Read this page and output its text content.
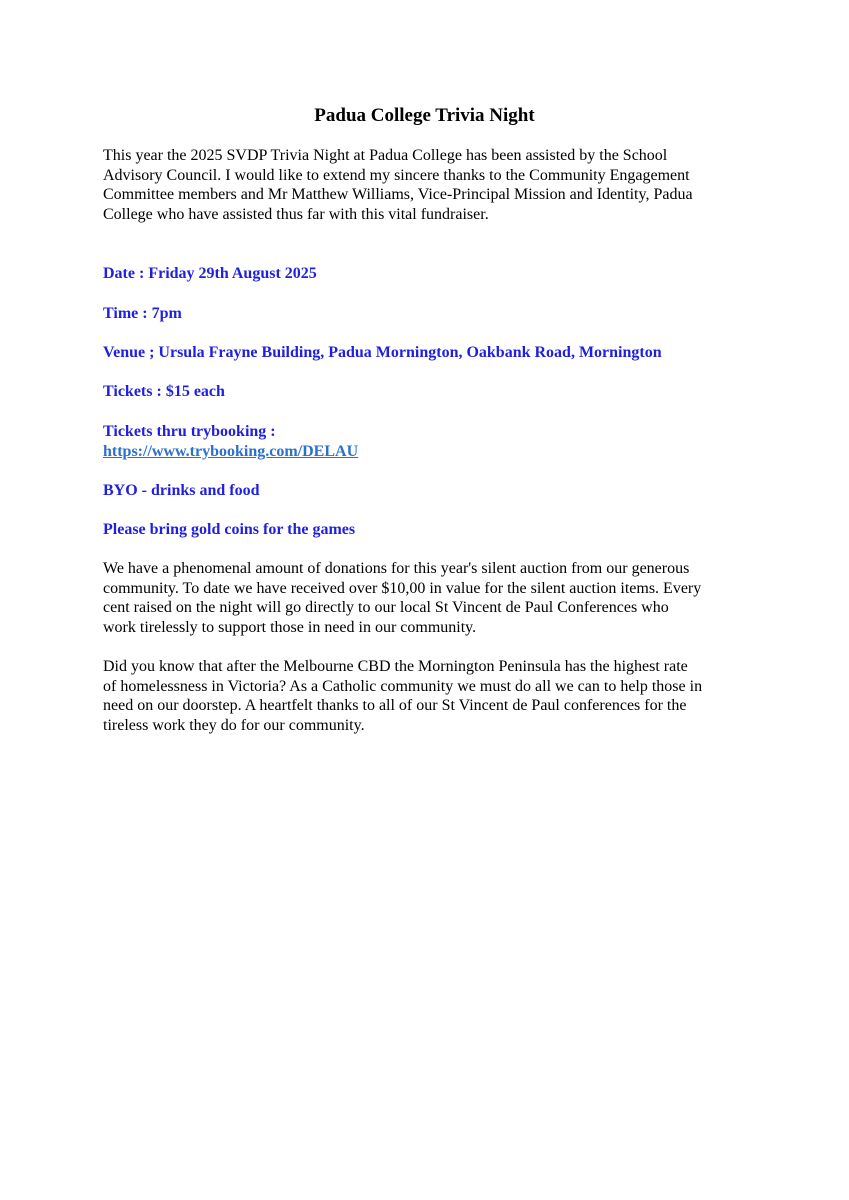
Padua College Trivia Night

This year the 2025 SVDP Trivia Night at Padua College has been assisted by the School
Advisory Council. I would like to extend my sincere thanks to the Community Engagement
Committee members and Mr Matthew Williams, Vice-Principal Mission and Identity, Padua
College who have assisted thus far with this vital fundraiser.

Date : Friday 29th August 2025

Time : 7pm

Venue ; Ursula Frayne Building, Padua Mornington, Oakbank Road, Mornington

Tickets : $15 each

Tickets thru trybooking :
https://www.trybooking.com/DELAU

BYO - drinks and food

Please bring gold coins for the games

We have a phenomenal amount of donations for this year's silent auction from our generous
community. To date we have received over $10,00 in value for the silent auction items. Every
cent raised on the night will go directly to our local St Vincent de Paul Conferences who
work tirelessly to support those in need in our community.

Did you know that after the Melbourne CBD the Mornington Peninsula has the highest rate
of homelessness in Victoria? As a Catholic community we must do all we can to help those in
need on our doorstep. A heartfelt thanks to all of our St Vincent de Paul conferences for the
tireless work they do for our community.
